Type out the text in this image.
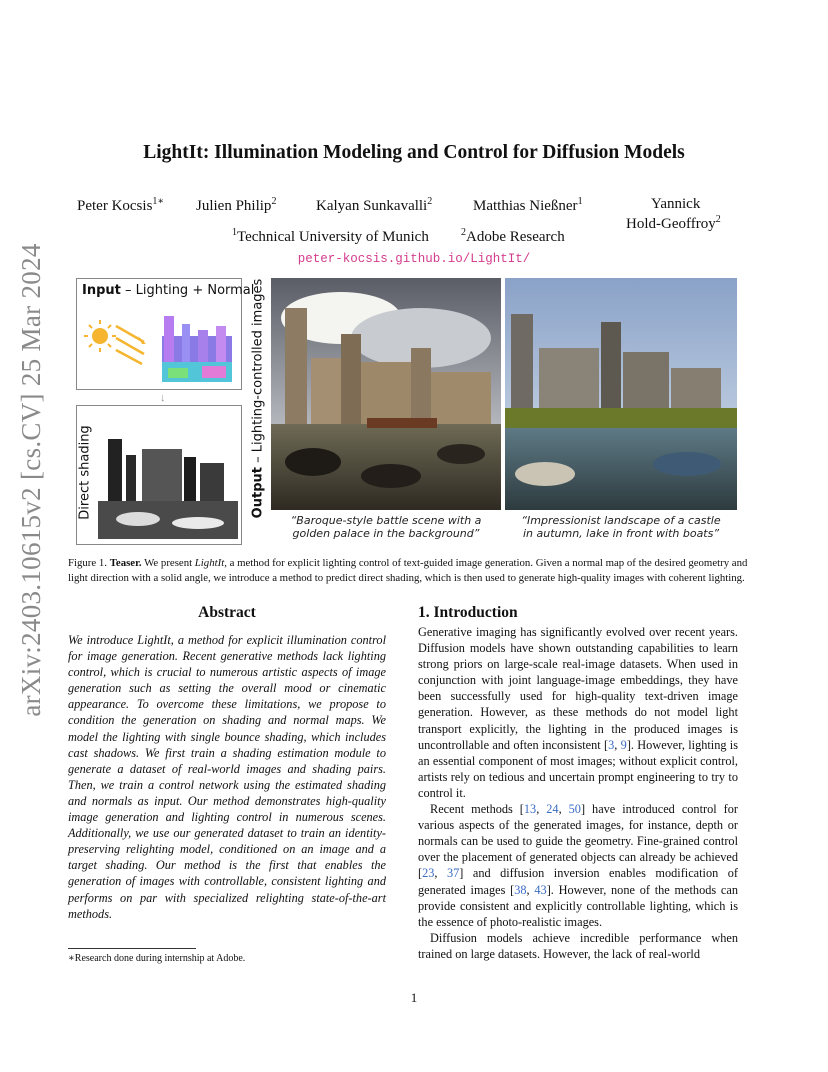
arXiv:2403.10615v2 [cs.CV] 25 Mar 2024
LightIt: Illumination Modeling and Control for Diffusion Models
Peter Kocsis$^{1∗}$ Julien Philip$^2$	Kalyan Sunkavalli$^2$	Matthias Nießner$^1$	Yannick
Hold-Geoffroy$^2$
$^1$Technical University of Munich	$^2$Adobe Research
peter-kocsis.github.io/LightIt/
Input – Lighting + Normal
↓
Direct shading	Output – Lighting-controlled images
“Baroque-style battle scene with a
golden palace in the background”
“Impressionist landscape of a castle
in autumn, lake in front with boats”
Figure 1. Teaser. We present LightIt, a method for explicit lighting control of text-guided image generation. Given a normal map of the desired geometry and light direction with a solid angle, we introduce a method to predict direct shading, which is then used to generate high-quality images with coherent lighting.
Abstract
We introduce LightIt, a method for explicit illumination control for image generation. Recent generative methods lack lighting control, which is crucial to numerous artistic aspects of image generation such as setting the overall mood or cinematic appearance. To overcome these limitations, we propose to condition the generation on shading and normal maps. We model the lighting with single bounce shading, which includes cast shadows. We first train a shading estimation module to generate a dataset of real-world images and shading pairs. Then, we train a control network using the estimated shading and normals as input. Our method demonstrates high-quality image generation and lighting control in numerous scenes. Additionally, we use our generated dataset to train an identity-preserving relighting model, conditioned on an image and a target shading. Our method is the first that enables the generation of images with controllable, consistent lighting and performs on par with specialized relighting state-of-the-art methods.
1. Introduction

Generative imaging has significantly evolved over recent years. Diffusion models have shown outstanding capabilities to learn strong priors on large-scale real-image datasets. When used in conjunction with joint language-image embeddings, they have been successfully used for high-quality text-driven image generation. However, as these methods do not model light transport explicitly, the lighting in the produced images is uncontrollable and often inconsistent [3, 9]. However, lighting is an essential component of most images; without explicit control, artists rely on tedious and uncertain prompt engineering to try to control it.

Recent methods [13, 24, 50] have introduced control for various aspects of the generated images, for instance, depth or normals can be used to guide the geometry. Fine-grained control over the placement of generated objects can already be achieved [23, 37] and diffusion inversion enables modification of generated images [38, 43]. However, none of the methods can provide consistent and explicitly controllable lighting, which is the essence of photo-realistic images.

Diffusion models achieve incredible performance when trained on large datasets. However, the lack of real-world

∗Research done during internship at Adobe.
1
